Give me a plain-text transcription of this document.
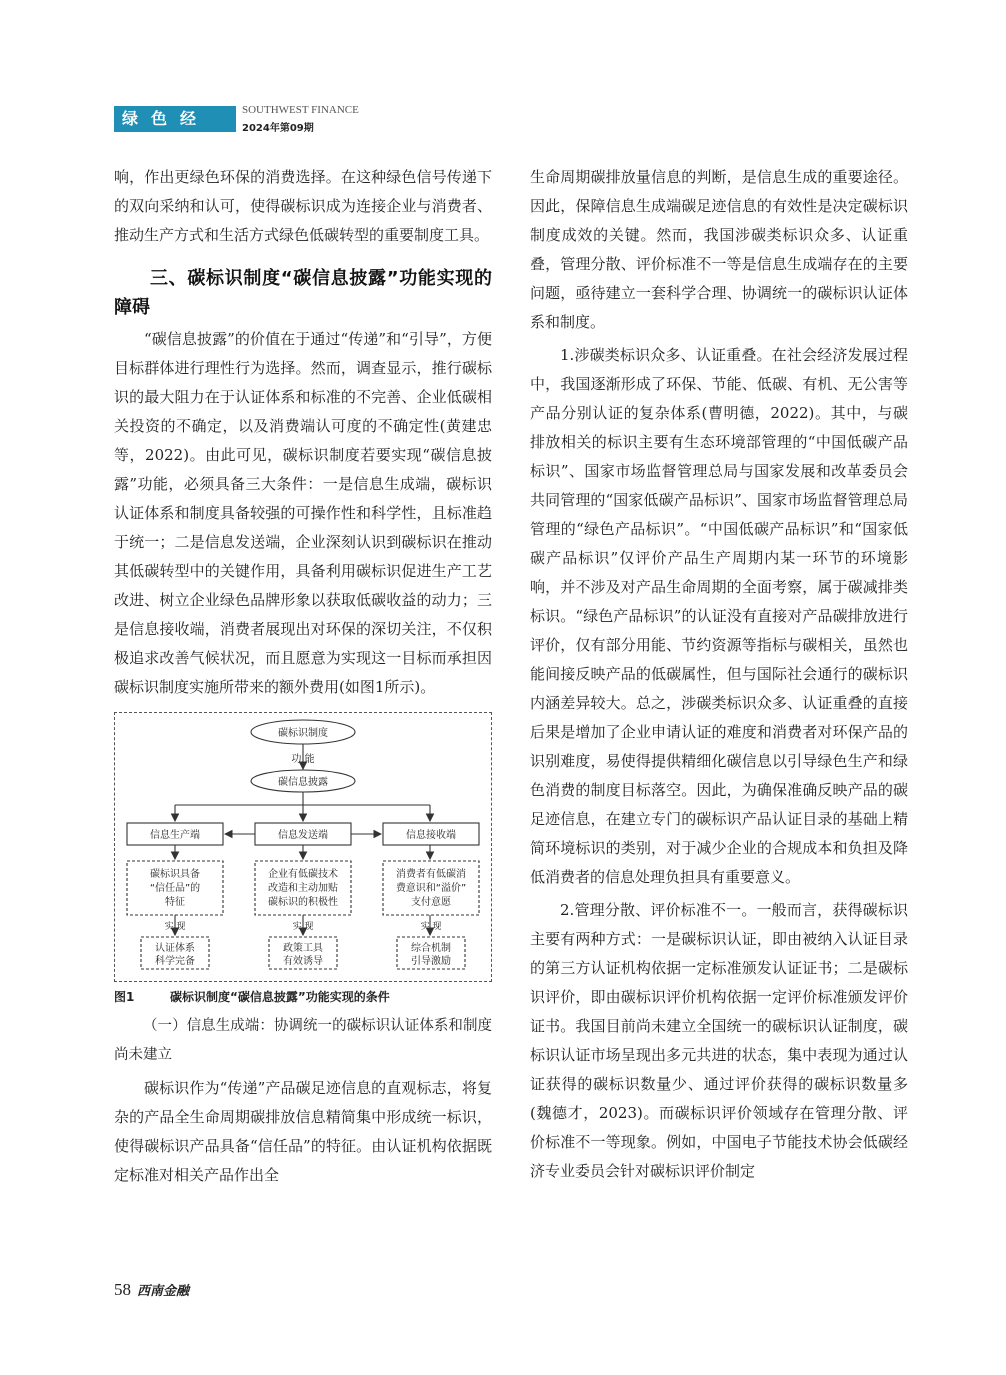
绿色经济
SOUTHWEST FINANCE
2024年第09期

响，作出更绿色环保的消费选择。在这种绿色信号传递下的双向采纳和认可，使得碳标识成为连接企业与消费者、推动生产方式和生活方式绿色低碳转型的重要制度工具。

三、碳标识制度“碳信息披露”功能实现的障碍

“碳信息披露”的价值在于通过“传递”和“引导”，方便目标群体进行理性行为选择。然而，调查显示，推行碳标识的最大阻力在于认证体系和标准的不完善、企业低碳相关投资的不确定，以及消费端认可度的不确定性(黄建忠等，2022)。由此可见，碳标识制度若要实现“碳信息披露”功能，必须具备三大条件：一是信息生成端，碳标识认证体系和制度具备较强的可操作性和科学性，且标准趋于统一；二是信息发送端，企业深刻认识到碳标识在推动其低碳转型中的关键作用，具备利用碳标识促进生产工艺改进、树立企业绿色品牌形象以获取低碳收益的动力；三是信息接收端，消费者展现出对环保的深切关注，不仅积极追求改善气候状况，而且愿意为实现这一目标而承担因碳标识制度实施所带来的额外费用(如图1所示)。

碳标识制度
功 能
碳信息披露
信息生产端	信息发送端	信息接收端
碳标识具备
“信任品”的
特征
企业有低碳技术
改造和主动加贴
碳标识的积极性
消费者有低碳消
费意识和“溢价”
支付意愿
实 现	实 现	实 现
认证体系
科学完备
政策工具
有效诱导
综合机制
引导激励
图1	碳标识制度“碳信息披露”功能实现的条件

（一）信息生成端：协调统一的碳标识认证体系和制度尚未建立

碳标识作为“传递”产品碳足迹信息的直观标志，将复杂的产品全生命周期碳排放信息精简集中形成统一标识，使得碳标识产品具备“信任品”的特征。由认证机构依据既定标准对相关产品作出全

生命周期碳排放量信息的判断，是信息生成的重要途径。因此，保障信息生成端碳足迹信息的有效性是决定碳标识制度成效的关键。然而，我国涉碳类标识众多、认证重叠，管理分散、评价标准不一等是信息生成端存在的主要问题，亟待建立一套科学合理、协调统一的碳标识认证体系和制度。

1.涉碳类标识众多、认证重叠。在社会经济发展过程中，我国逐渐形成了环保、节能、低碳、有机、无公害等产品分别认证的复杂体系(曹明德，2022)。其中，与碳排放相关的标识主要有生态环境部管理的“中国低碳产品标识”、国家市场监督管理总局与国家发展和改革委员会共同管理的“国家低碳产品标识”、国家市场监督管理总局管理的“绿色产品标识”。“中国低碳产品标识”和“国家低碳产品标识”仅评价产品生产周期内某一环节的环境影响，并不涉及对产品生命周期的全面考察，属于碳减排类标识。“绿色产品标识”的认证没有直接对产品碳排放进行评价，仅有部分用能、节约资源等指标与碳相关，虽然也能间接反映产品的低碳属性，但与国际社会通行的碳标识内涵差异较大。总之，涉碳类标识众多、认证重叠的直接后果是增加了企业申请认证的难度和消费者对环保产品的识别难度，易使得提供精细化碳信息以引导绿色生产和绿色消费的制度目标落空。因此，为确保准确反映产品的碳足迹信息，在建立专门的碳标识产品认证目录的基础上精简环境标识的类别，对于减少企业的合规成本和负担及降低消费者的信息处理负担具有重要意义。

2.管理分散、评价标准不一。一般而言，获得碳标识主要有两种方式：一是碳标识认证，即由被纳入认证目录的第三方认证机构依据一定标准颁发认证证书；二是碳标识评价，即由碳标识评价机构依据一定评价标准颁发评价证书。我国目前尚未建立全国统一的碳标识认证制度，碳标识认证市场呈现出多元共进的状态，集中表现为通过认证获得的碳标识数量少、通过评价获得的碳标识数量多(魏德才，2023)。而碳标识评价领域存在管理分散、评价标准不一等现象。例如，中国电子节能技术协会低碳经济专业委员会针对碳标识评价制定

58 西南金融
